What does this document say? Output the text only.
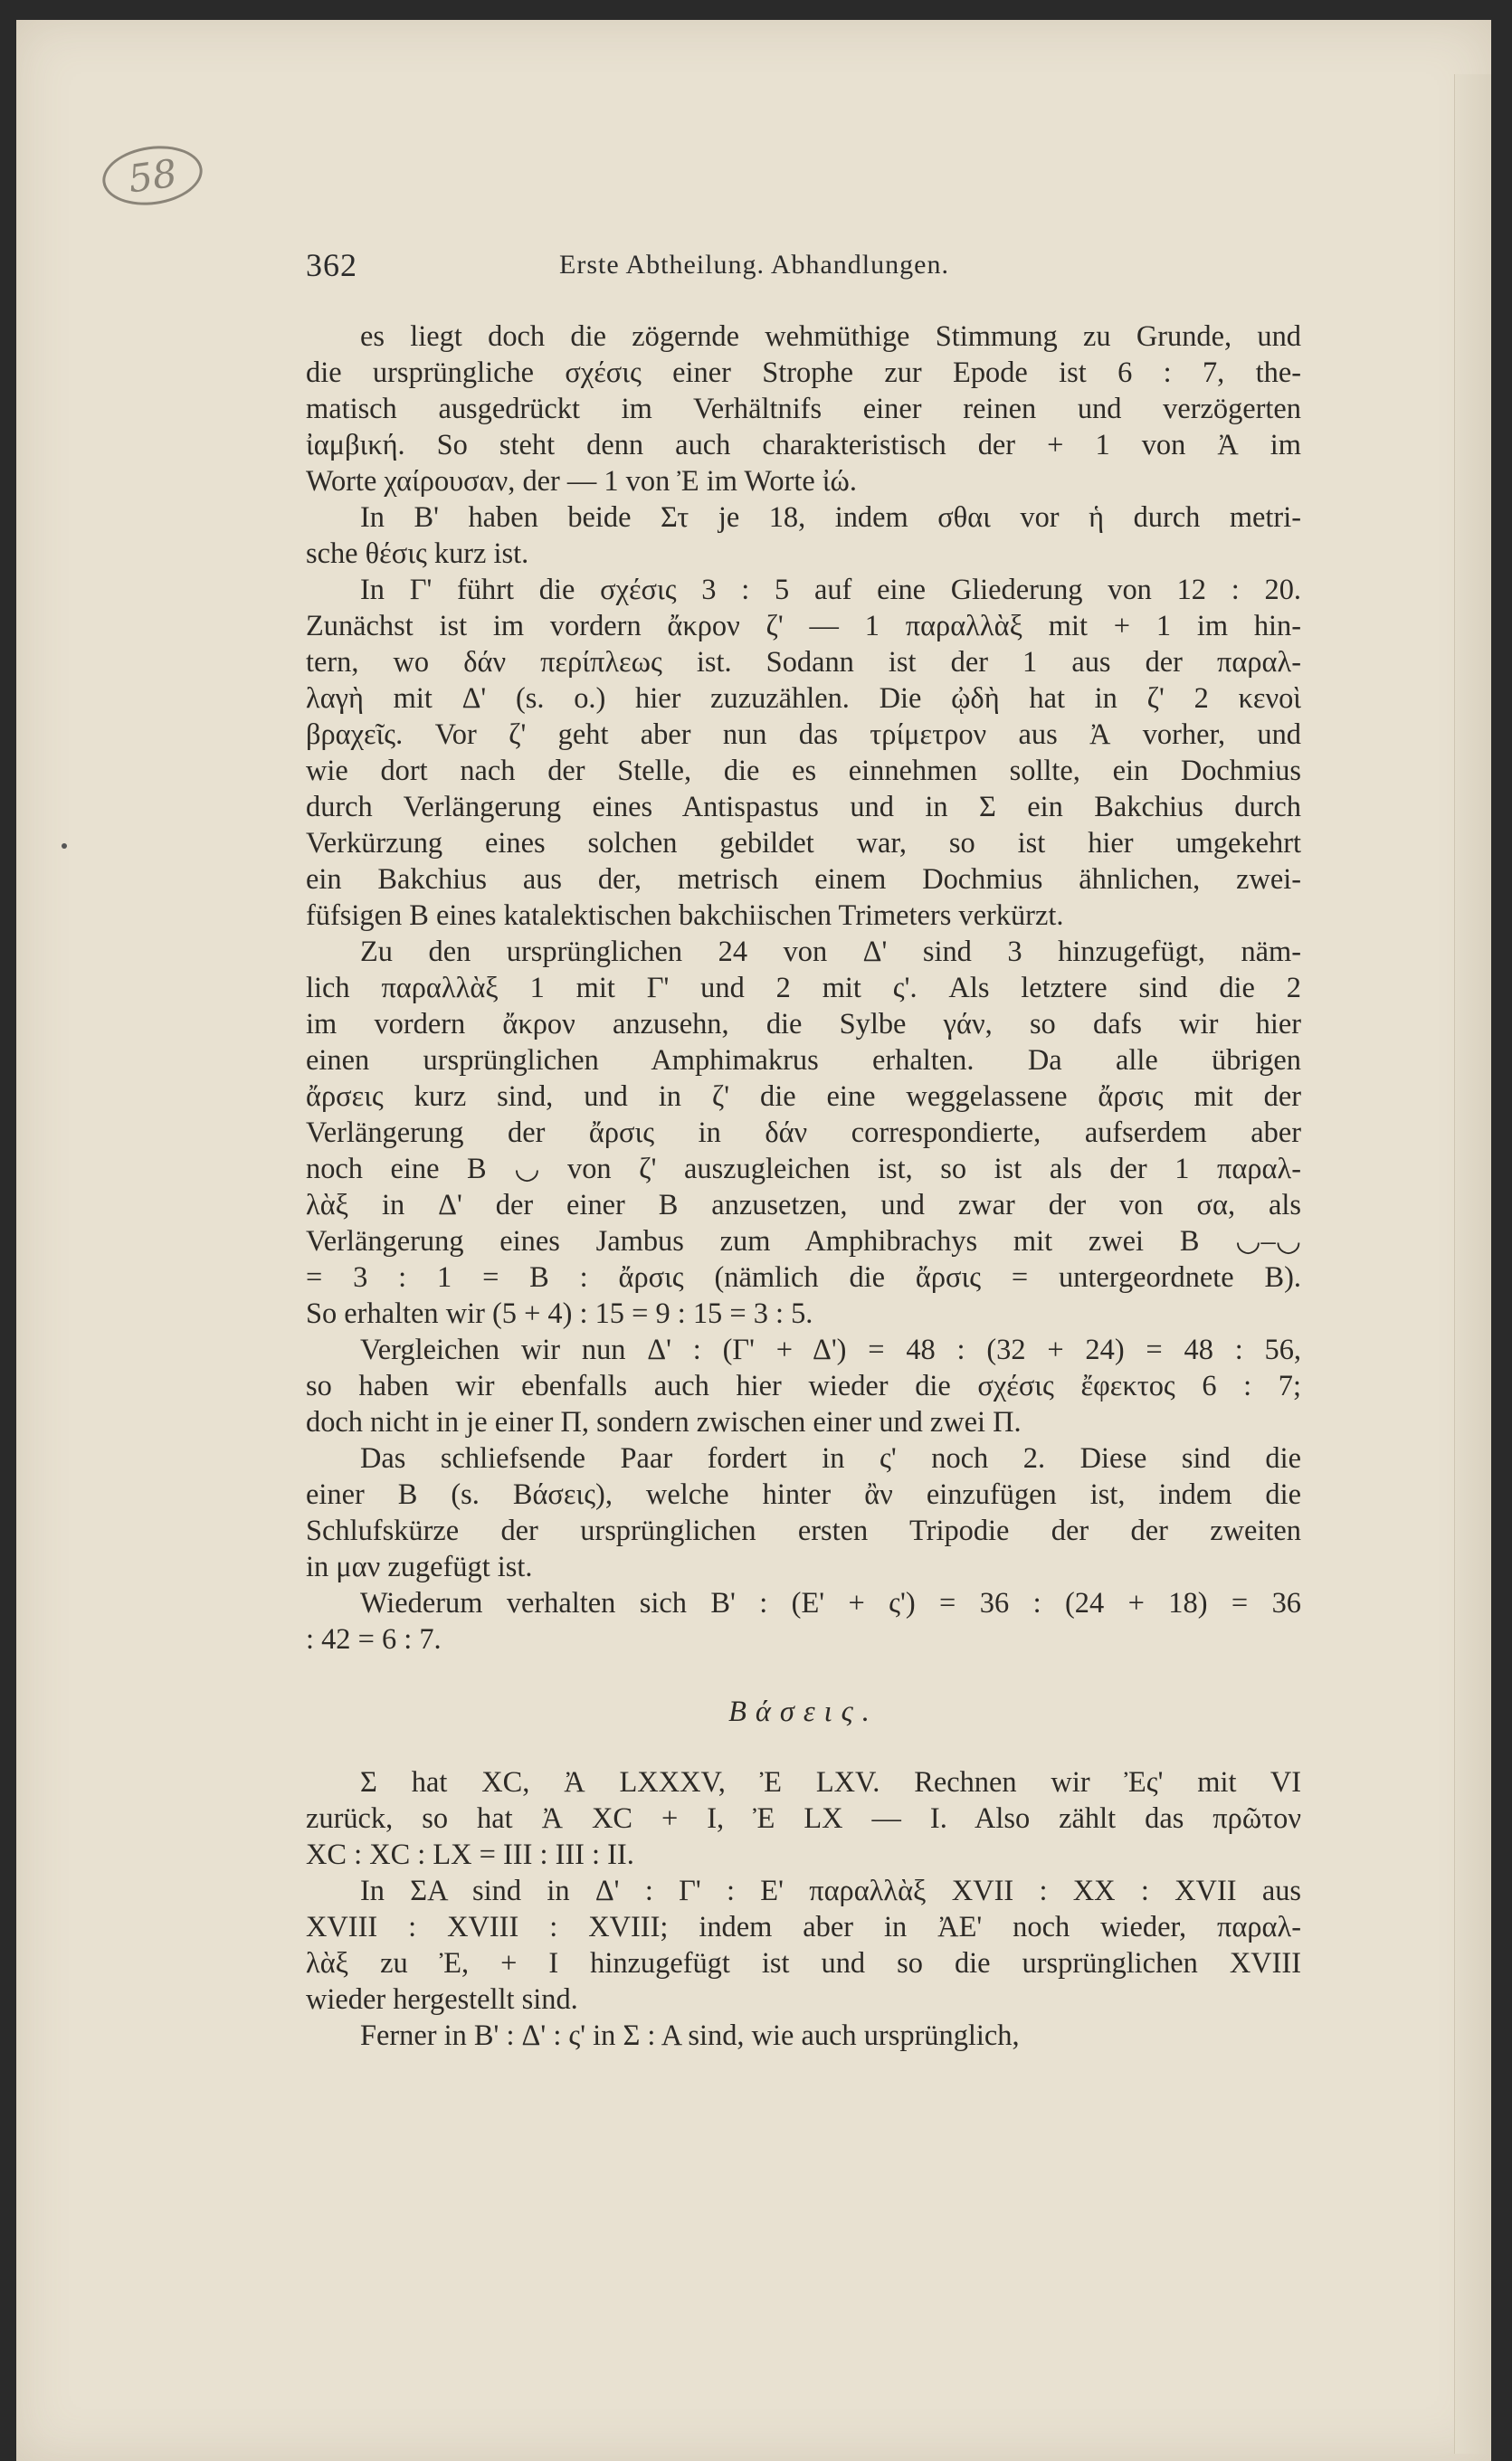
58
362	Erste Abtheilung. Abhandlungen.
es liegt doch die zögernde wehmüthige Stimmung zu Grunde, und
die ursprüngliche σχέσις einer Strophe zur Epode ist 6 : 7, the-
matisch ausgedrückt im Verhältnifs einer reinen und verzögerten
ἰαμβική. So steht denn auch charakteristisch der + 1 von Ἀ im
Worte χαίρουσαν, der — 1 von Ἐ im Worte ἰώ.
In B' haben beide Στ je 18, indem σθαι vor ἡ durch metri-
sche θέσις kurz ist.
In Γ' führt die σχέσις 3 : 5 auf eine Gliederung von 12 : 20.
Zunächst ist im vordern ἄκρον ζ' — 1 παραλλὰξ mit + 1 im hin-
tern, wo δάν περίπλεως ist. Sodann ist der 1 aus der παραλ-
λαγὴ mit Δ' (s. o.) hier zuzuzählen. Die ᾠδὴ hat in ζ' 2 κενοὶ
βραχεῖς. Vor ζ' geht aber nun das τρίμετρον aus Ἀ vorher, und
wie dort nach der Stelle, die es einnehmen sollte, ein Dochmius
durch Verlängerung eines Antispastus und in Σ ein Bakchius durch
Verkürzung eines solchen gebildet war, so ist hier umgekehrt
ein Bakchius aus der, metrisch einem Dochmius ähnlichen, zwei-
füfsigen B eines katalektischen bakchiischen Trimeters verkürzt.
Zu den ursprünglichen 24 von Δ' sind 3 hinzugefügt, näm-
lich παραλλὰξ 1 mit Γ' und 2 mit ς'. Als letztere sind die 2
im vordern ἄκρον anzusehn, die Sylbe γάν, so dafs wir hier
einen ursprünglichen Amphimakrus erhalten. Da alle übrigen
ἄρσεις kurz sind, und in ζ' die eine weggelassene ἄρσις mit der
Verlängerung der ἄρσις in δάν correspondierte, aufserdem aber
noch eine B ◡ von ζ' auszugleichen ist, so ist als der 1 παραλ-
λὰξ in Δ' der einer B anzusetzen, und zwar der von σα, als
Verlängerung eines Jambus zum Amphibrachys mit zwei B ◡–◡
= 3 : 1 = B : ἄρσις (nämlich die ἄρσις = untergeordnete B).
So erhalten wir (5 + 4) : 15 = 9 : 15 = 3 : 5.
Vergleichen wir nun Δ' : (Γ' + Δ') = 48 : (32 + 24) = 48 : 56,
so haben wir ebenfalls auch hier wieder die σχέσις ἔφεκτος 6 : 7;
doch nicht in je einer Π, sondern zwischen einer und zwei Π.
Das schliefsende Paar fordert in ς' noch 2. Diese sind die
einer B (s. Βάσεις), welche hinter ἂν einzufügen ist, indem die
Schlufskürze der ursprünglichen ersten Tripodie der der zweiten
in μαν zugefügt ist.
Wiederum verhalten sich B' : (E' + ς') = 36 : (24 + 18) = 36
: 42 = 6 : 7.
Βάσεις.
Σ hat XC, Ἀ LXXXV, Ἐ LXV. Rechnen wir Ἐς' mit VI
zurück, so hat Ἀ XC + I, Ἐ LX — I. Also zählt das πρῶτον
XC : XC : LX = III : III : II.
In ΣΑ sind in Δ' : Γ' : E' παραλλὰξ XVII : XX : XVII aus
XVIII : XVIII : XVIII; indem aber in ἈΕ' noch wieder, παραλ-
λὰξ zu Ἐ, + I hinzugefügt ist und so die ursprünglichen XVIII
wieder hergestellt sind.
Ferner in B' : Δ' : ς' in Σ : Α sind, wie auch ursprünglich,
